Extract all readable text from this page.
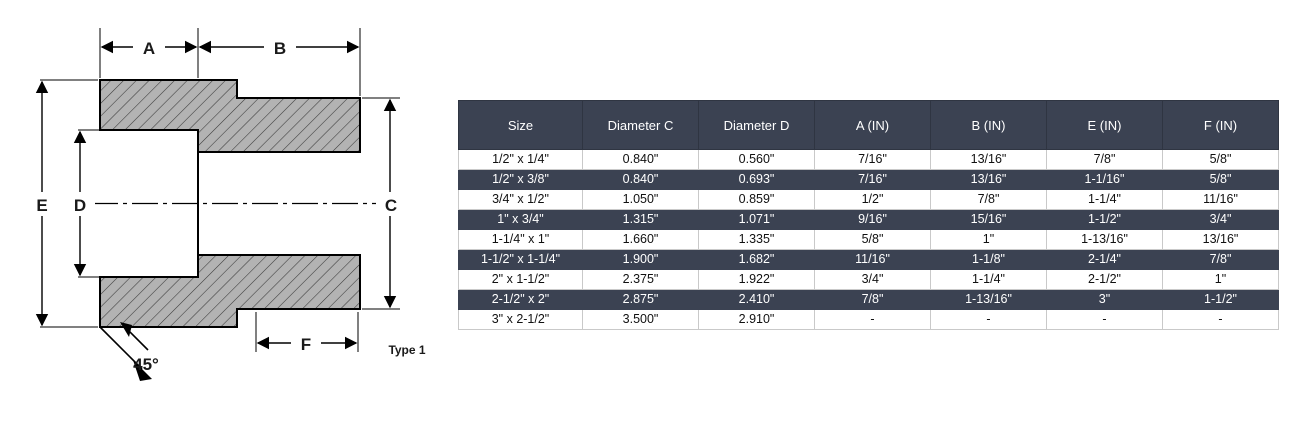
A	B
E D	C
F
45°
Type 1
Size	Diameter C	Diameter D	A (IN)	B (IN)	E (IN)	F (IN)
1/2" x 1/4"	0.840"	0.560"	7/16"	13/16"	7/8"	5/8"
1/2" x 3/8"	0.840"	0.693"	7/16"	13/16"	1-1/16"	5/8"
3/4" x 1/2"	1.050"	0.859"	1/2"	7/8"	1-1/4"	11/16"
1" x 3/4"	1.315"	1.071"	9/16"	15/16"	1-1/2"	3/4"
1-1/4" x 1"	1.660"	1.335"	5/8"	1"	1-13/16"	13/16"
1-1/2" x 1-1/4"	1.900"	1.682"	11/16"	1-1/8"	2-1/4"	7/8"
2" x 1-1/2"	2.375"	1.922"	3/4"	1-1/4"	2-1/2"	1"
2-1/2" x 2"	2.875"	2.410"	7/8"	1-13/16"	3"	1-1/2"
3" x 2-1/2"	3.500"	2.910"	-	-	-	-
